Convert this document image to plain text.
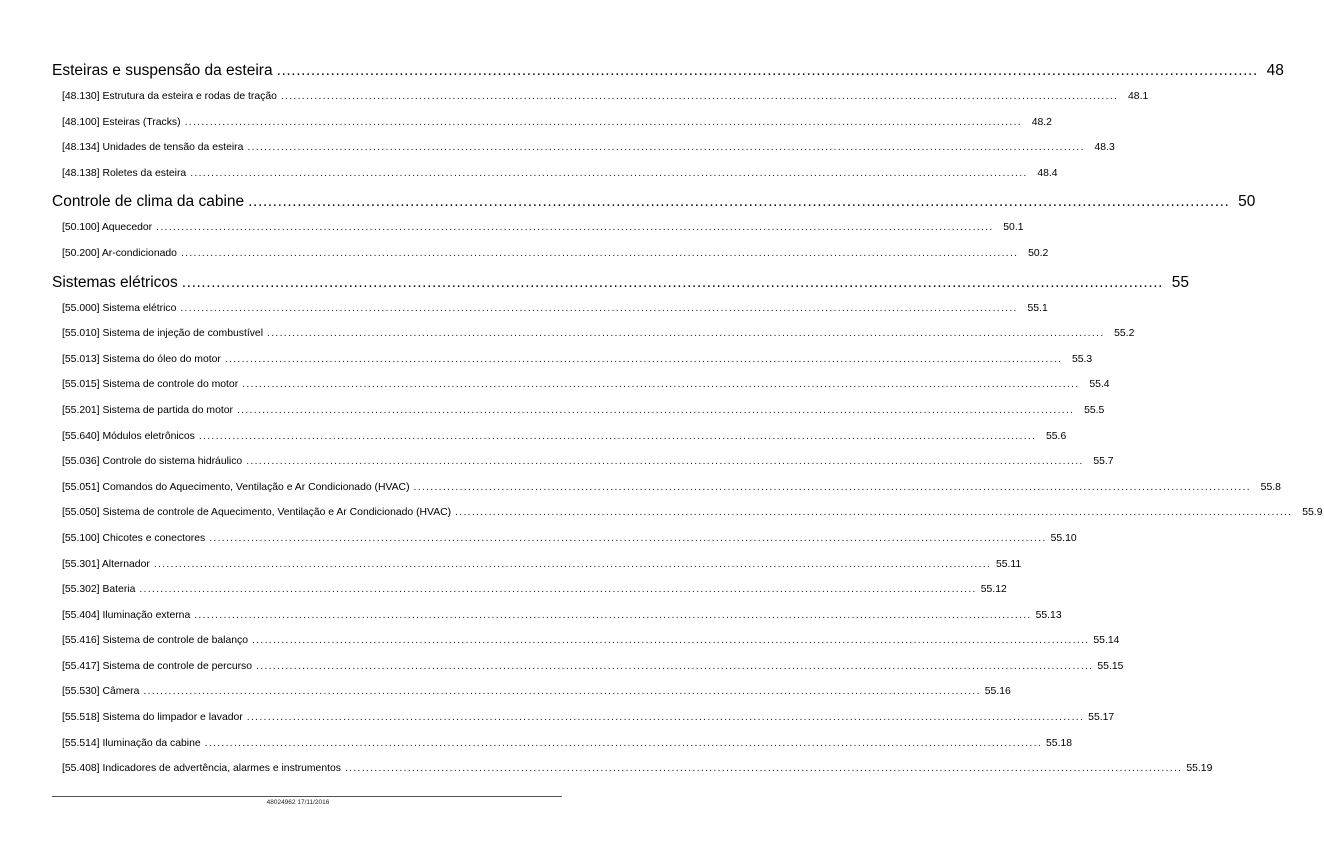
Esteiras e suspensão da esteira ........................................................................................................................................................................................................ 48
[48.130] Estrutura da esteira e rodas de tração ........................................................................................................................................................................................................ 48.1
[48.100] Esteiras (Tracks) ........................................................................................................................................................................................................ 48.2
[48.134] Unidades de tensão da esteira ........................................................................................................................................................................................................ 48.3
[48.138] Roletes da esteira ........................................................................................................................................................................................................ 48.4
Controle de clima da cabine ........................................................................................................................................................................................................ 50
[50.100] Aquecedor ........................................................................................................................................................................................................ 50.1
[50.200] Ar-condicionado ........................................................................................................................................................................................................ 50.2
Sistemas elétricos ........................................................................................................................................................................................................ 55
[55.000] Sistema elétrico ........................................................................................................................................................................................................ 55.1
[55.010] Sistema de injeção de combustível ........................................................................................................................................................................................................ 55.2
[55.013] Sistema do óleo do motor ........................................................................................................................................................................................................ 55.3
[55.015] Sistema de controle do motor ........................................................................................................................................................................................................ 55.4
[55.201] Sistema de partida do motor ........................................................................................................................................................................................................ 55.5
[55.640] Módulos eletrônicos ........................................................................................................................................................................................................ 55.6
[55.036] Controle do sistema hidráulico ........................................................................................................................................................................................................ 55.7
[55.051] Comandos do Aquecimento, Ventilação e Ar Condicionado (HVAC) ........................................................................................................................................................................................................ 55.8
[55.050] Sistema de controle de Aquecimento, Ventilação e Ar Condicionado (HVAC) ........................................................................................................................................................................................................ 55.9
[55.100] Chicotes e conectores ........................................................................................................................................................................................................ 55.10
[55.301] Alternador ........................................................................................................................................................................................................ 55.11
[55.302] Bateria ........................................................................................................................................................................................................ 55.12
[55.404] Iluminação externa ........................................................................................................................................................................................................ 55.13
[55.416] Sistema de controle de balanço ........................................................................................................................................................................................................ 55.14
[55.417] Sistema de controle de percurso ........................................................................................................................................................................................................ 55.15
[55.530] Câmera ........................................................................................................................................................................................................ 55.16
[55.518] Sistema do limpador e lavador ........................................................................................................................................................................................................ 55.17
[55.514] Iluminação da cabine ........................................................................................................................................................................................................ 55.18
[55.408] Indicadores de advertência, alarmes e instrumentos ........................................................................................................................................................................................................ 55.19
48024962 17/11/2016
